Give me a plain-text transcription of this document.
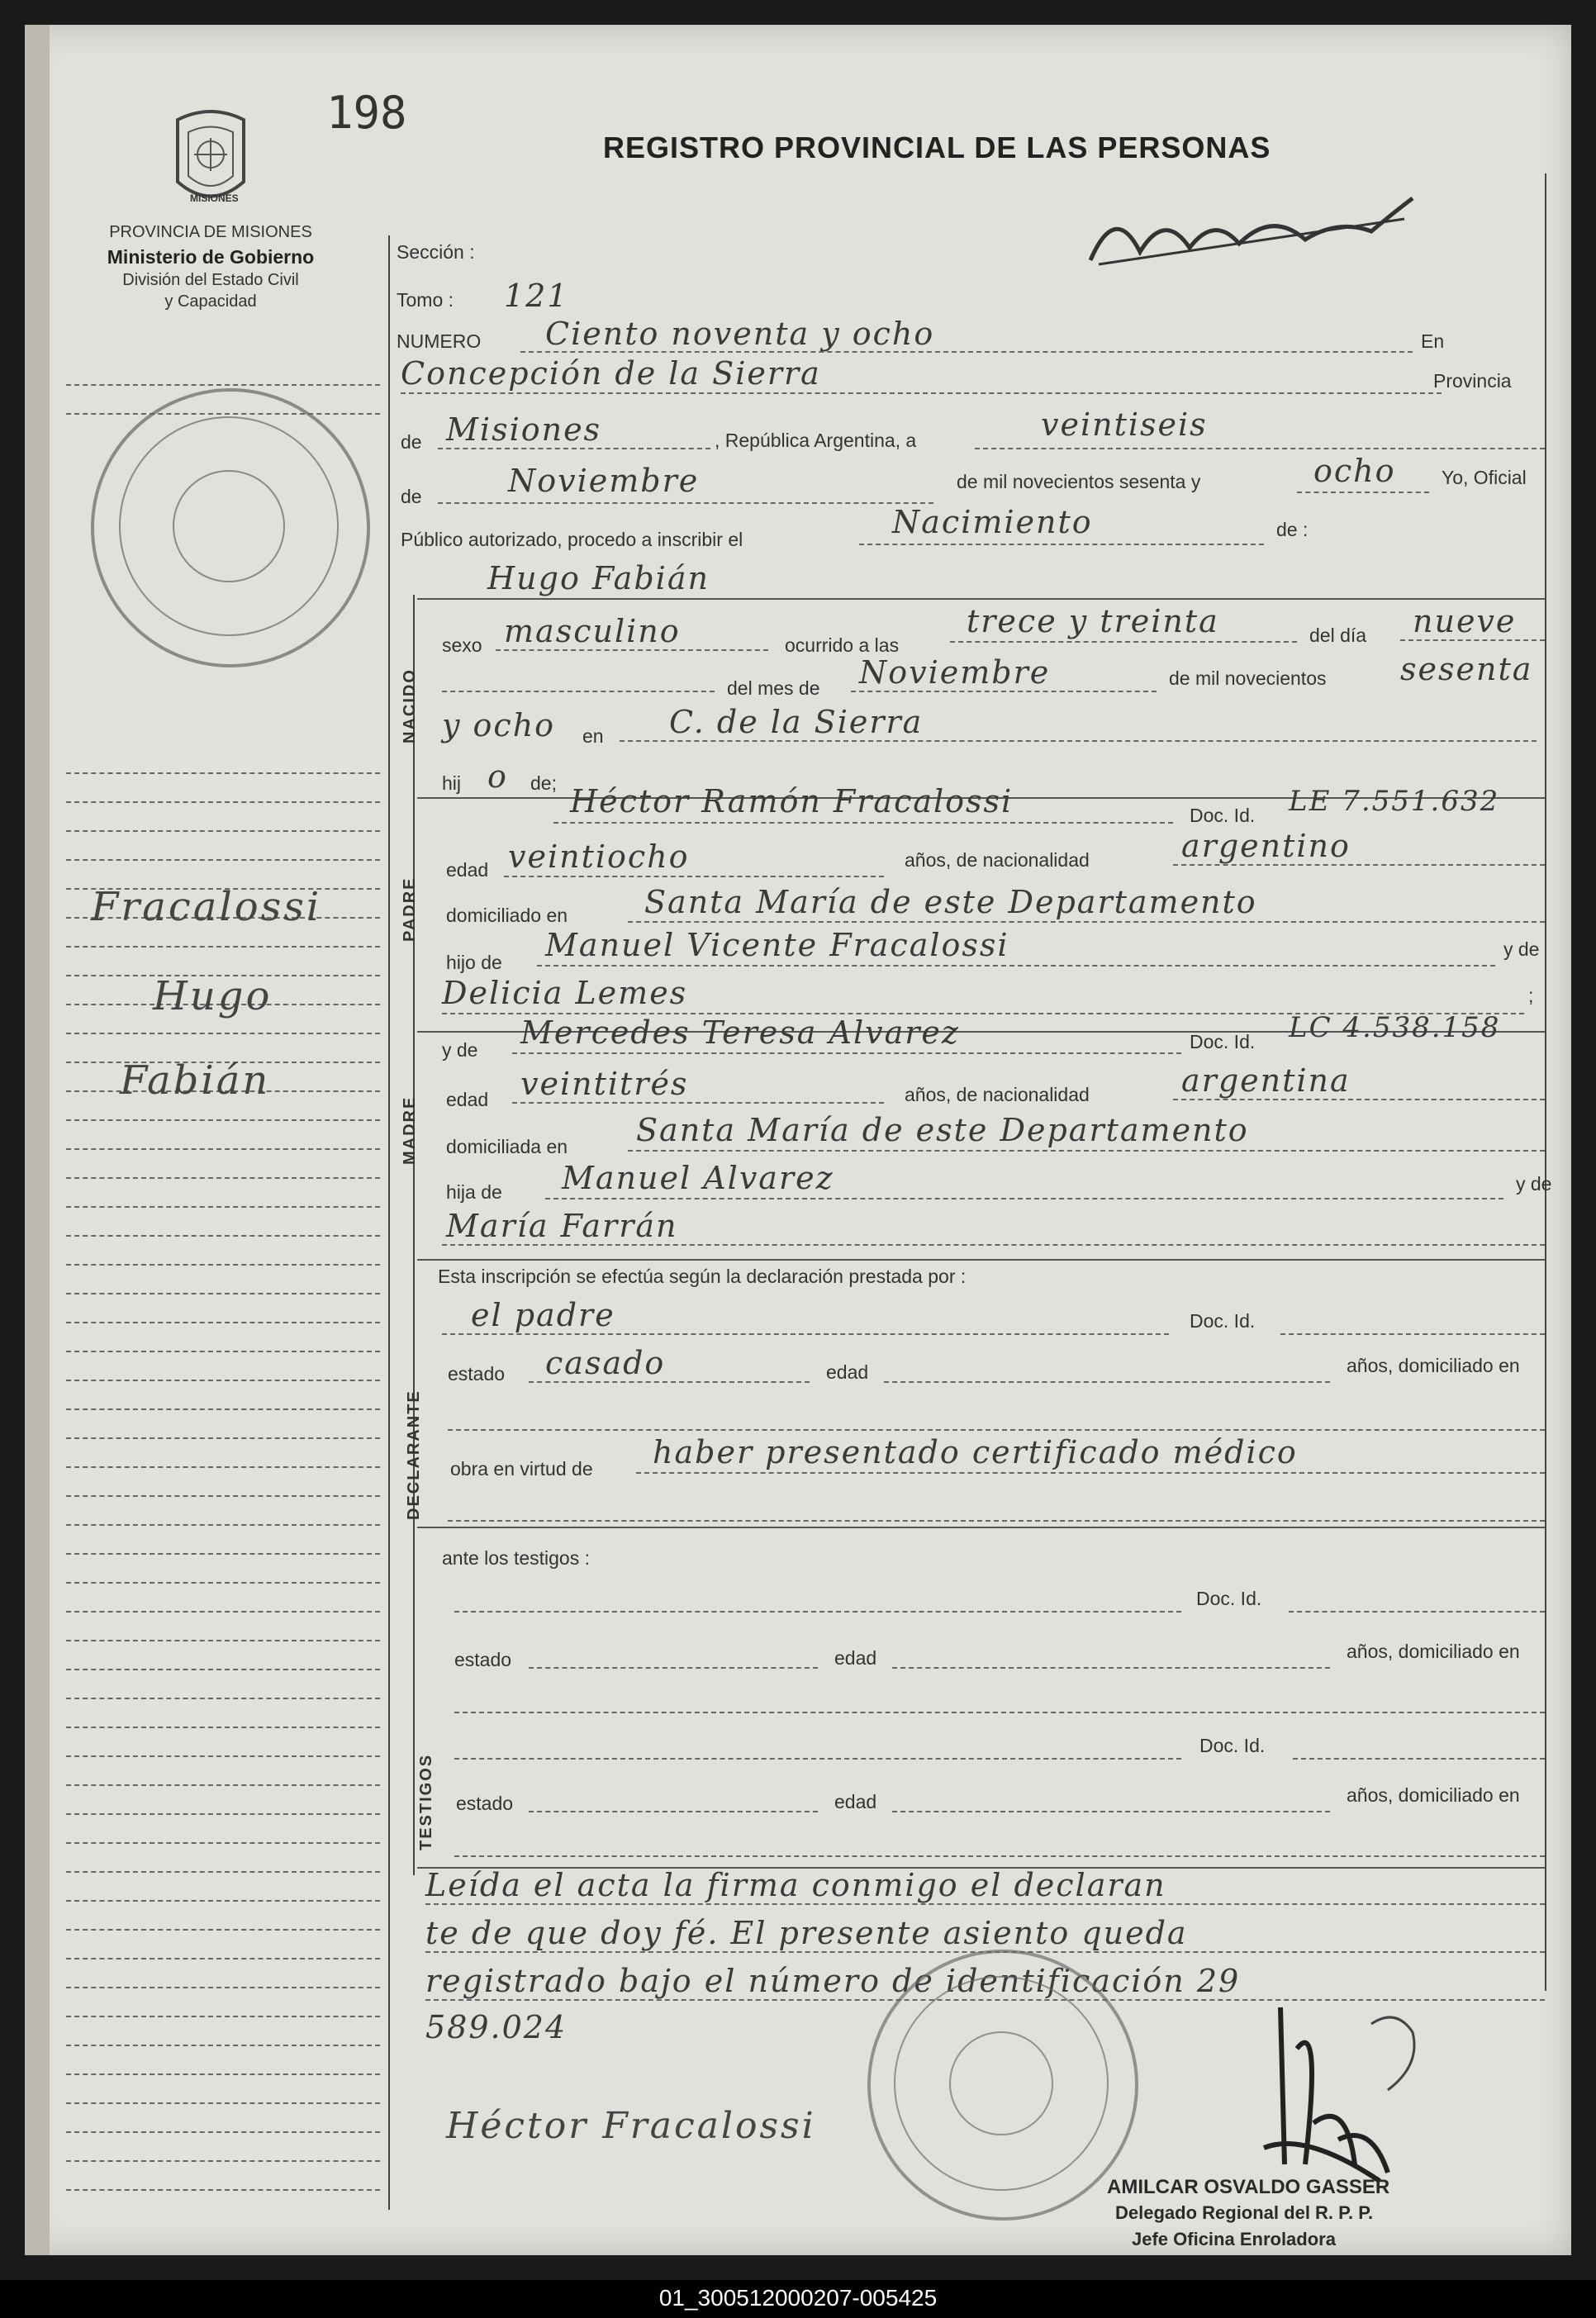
MISIONES
PROVINCIA DE MISIONES
Ministerio de Gobierno
División del Estado Civil
y Capacidad
198
REGISTRO PROVINCIAL DE LAS PERSONAS
NACIDO
PADRE
MADRE
DECLARANTE
TESTIGOS
Sección :
Tomo : 121
NUMERO Ciento noventa y ocho	En
Concepción de la Sierra	Provincia
de Misiones	, República Argentina, a	veintiseis
de	Noviembre	de mil novecientos sesenta y	ocho Yo, Oficial
Público autorizado, procedo a inscribir el	Nacimiento	de :
Hugo Fabián
sexo masculino	ocurrido a las
trece y treinta	del día nueve
del mes de Noviembre	de mil novecientos sesenta
y ocho en C. de la Sierra
hij o de; Héctor Ramón Fracalossi	Doc. Id. LE 7.551.632
edad veintiocho	años, de nacionalidad	argentino
domiciliado en Santa María de este Departamento
hijo de Manuel Vicente Fracalossi	y de
Delicia Lemes	;
y de Mercedes Teresa Alvarez	Doc. Id. LC 4.538.158
edad veintitrés	años, de nacionalidad	argentina
domiciliada en Santa María de este Departamento
hija de Manuel Alvarez	y de
María Farrán
Esta inscripción se efectúa según la declaración prestada por :
el padre	Doc. Id.
estado casado	edad	años, domiciliado en
obra en virtud de haber presentado certificado médico
ante los testigos :
Doc. Id.
estado	edad	años, domiciliado en
Doc. Id.
estado	edad	años, domiciliado en
Leída el acta la firma conmigo el declaran
te de que doy fé. El presente asiento queda
registrado bajo el número de identificación 29
589.024
Héctor Fracalossi
AMILCAR OSVALDO GASSER
Delegado Regional del R. P. P.
Jefe Oficina Enroladora
Fracalossi
Hugo
Fabián
01_300512000207-005425
